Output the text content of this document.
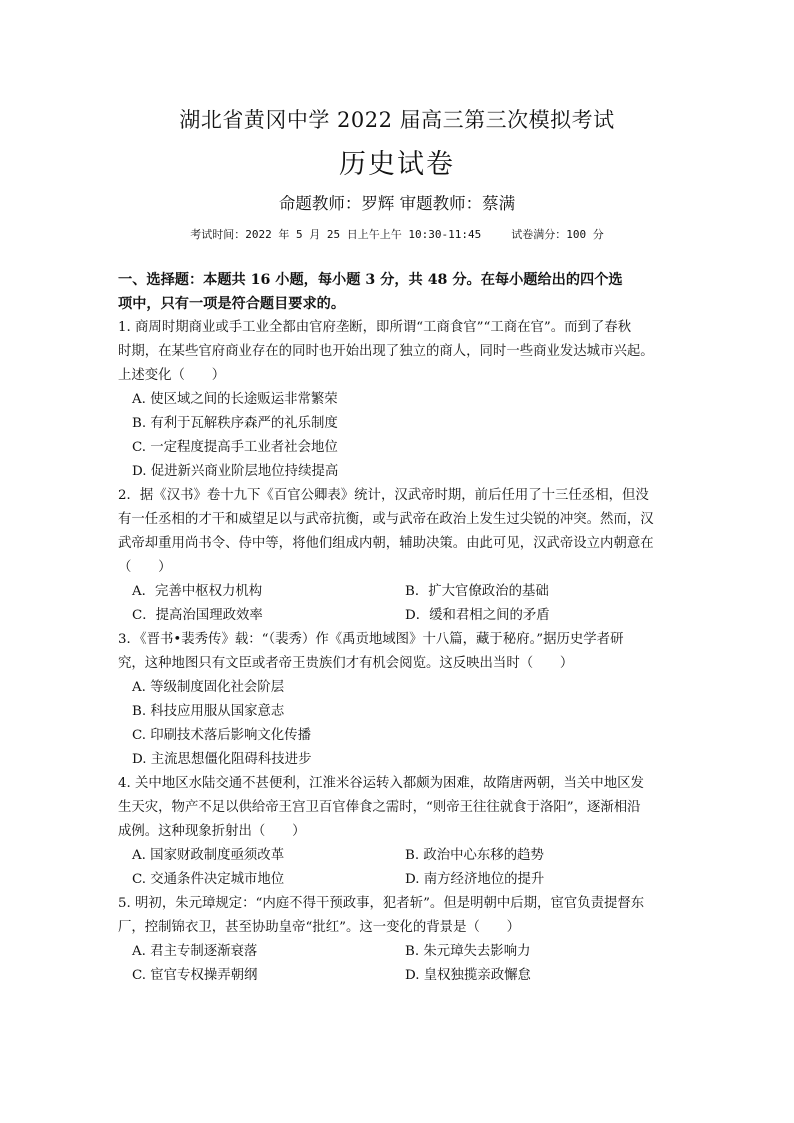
湖北省黄冈中学 2022 届高三第三次模拟考试
历史试卷
命题教师：罗辉 审题教师：蔡满
考试时间：2022 年 5 月 25 日上午上午 10:30-11:45	试卷满分：100 分
一、选择题：本题共 16 小题，每小题 3 分，共 48 分。在每小题给出的四个选
项中，只有一项是符合题目要求的。
1. 商周时期商业或手工业全都由官府垄断，即所谓“工商食官”“工商在官”。而到了春秋
时期，在某些官府商业存在的同时也开始出现了独立的商人，同时一些商业发达城市兴起。
上述变化（　　）
A. 使区域之间的长途贩运非常繁荣
B. 有利于瓦解秩序森严的礼乐制度
C. 一定程度提高手工业者社会地位
D. 促进新兴商业阶层地位持续提高
2．据《汉书》卷十九下《百官公卿表》统计，汉武帝时期，前后任用了十三任丞相，但没
有一任丞相的才干和威望足以与武帝抗衡，或与武帝在政治上发生过尖锐的冲突。然而，汉
武帝却重用尚书令、侍中等，将他们组成内朝，辅助决策。由此可见，汉武帝设立内朝意在
（　　）
A．完善中枢权力机构	B．扩大官僚政治的基础
C．提高治国理政效率	D．缓和君相之间的矛盾
3．《晋书•裴秀传》载：“（裴秀）作《禹贡地域图》十八篇，藏于秘府。”据历史学者研
究，这种地图只有文臣或者帝王贵族们才有机会阅览。这反映出当时（　　）
A. 等级制度固化社会阶层
B. 科技应用服从国家意志
C. 印刷技术落后影响文化传播
D. 主流思想僵化阻碍科技进步
4. 关中地区水陆交通不甚便利，江淮米谷运转入都颇为困难，故隋唐两朝，当关中地区发
生天灾，物产不足以供给帝王宫卫百官俸食之需时，“则帝王往往就食于洛阳”，逐渐相沿
成例。这种现象折射出（　　）
A. 国家财政制度亟须改革	B. 政治中心东移的趋势
C. 交通条件决定城市地位	D. 南方经济地位的提升
5. 明初，朱元璋规定：“内庭不得干预政事，犯者斩”。但是明朝中后期，宦官负责提督东
厂，控制锦衣卫，甚至协助皇帝“批红”。这一变化的背景是（　　）
A. 君主专制逐渐衰落	B. 朱元璋失去影响力
C. 宦官专权操弄朝纲	D. 皇权独揽亲政懈怠
